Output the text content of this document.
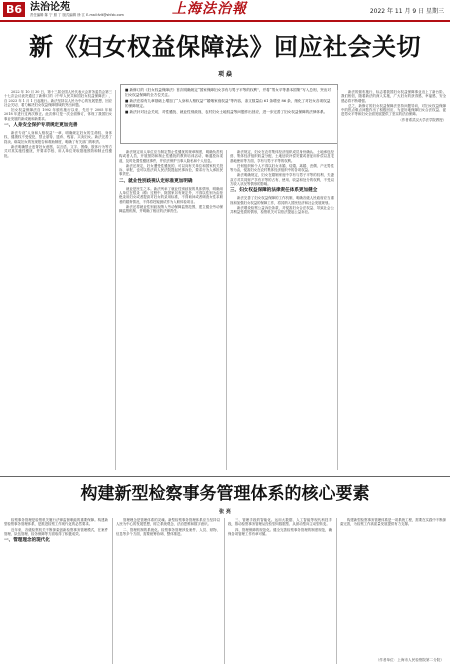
B6 法治论苑
责任编辑 陈 宁 照 丁 版式编辑 徐 江 E-mail:fzlt@shfzb.com	上海法治報	2022 年 11 月 9 日 星期三
新《妇女权益保障法》回应社会关切
项 焱
■ 新修订的《妇女权益保障法》首次明确规定“国家保障妇女享有与男子平等的权利”，并将“男女平等基本国策”写入总则，突出对妇女权益保障的全方位关注。
■ 新法在原有九章基础上增加了“人身和人格权益”“婚姻家庭权益”等内容，条文数量由 61 条增至 86 条，细化了对妇女各项权益的保障规定。
■ 新法针对社会关切，对性骚扰、就业性别歧视、农村妇女土地权益等问题作出回应，进一步完善了妇女权益保障的法律体系。

2022 年 10 月 30 日，第十三届全国人民代表大会常务委员会第三十七次会议表决通过了新修订的《中华人民共和国妇女权益保障法》，自 2023 年 1 月 1 日起施行。新法坚持以人民为中心的发展思想，回应社会关切，着力解决妇女权益保障领域的突出问题。

妇女权益保障法自 1992 年颁布施行以来，先后于 2005 年和 2018 年进行过两次修正。此次修订是一次全面修订，体现了我国妇女事业发展的新成就和新要求。

一、人身安全保护专项规定更加完善

新法专设“人身和人格权益”一章，明确规定妇女的生命权、身体权、健康权不受侵犯，禁止虐待、遗弃、残害、买卖妇女。新法完善了拐卖、绑架妇女的发现报告和救助制度，明确了有关部门的职责。

新法明确禁止违背妇女意愿，以言语、文字、图像、肢体行为等方式对其实施性骚扰，并要求学校、用人单位采取措施预防和制止性骚扰。

新法规定用人单位应当制定禁止性骚扰的规章制度，明确负责机构或者人员，开展预防和制止性骚扰的教育培训活动，畅通投诉渠道，及时处置性骚扰事件，并依法保护当事人隐私和个人信息。

新法还规定，妇女遭受性骚扰的，可以向有关单位和国家机关投诉、举报，也可以依法向人民法院提起民事诉讼，要求行为人承担民事责任。

二、就业性别歧视认定标准更加明确

就业是民生之本。新法列举了就业性别歧视的具体情形，明确用人单位在招录（聘）过程中，除国家另有规定外，不得以性别为由拒绝录用妇女或者提高对妇女的录用标准，不得询问或者调查女性求职者的婚育情况，不得将妊娠测试作为入职体检项目。

新法还将就业性别歧视纳入劳动保障监察范围，建立健全劳动保障监察机制，并明确了相应的法律责任。

新法规定，妇女在农村集体经济组织成员身份确认、土地承包经营、集体经济组织收益分配、土地征收补偿安置或者征用补偿以及宅基地使用等方面，享有与男子平等的权利。

任何组织和个人不得以妇女未婚、结婚、离婚、丧偶、户无男性等为由，侵害妇女在农村集体经济组织中的各项权益。

新法明确规定，妇女在婚姻家庭中享有与男子平等的权利，夫妻双方对共同财产享有平等的占有、使用、收益和处分的权利，不受双方收入状况等情形的影响。

三、妇女权益保障的法律责任体系更加健全

新法完善了妇女权益保障的工作机制，明确各级人民政府应当重视和加强妇女权益的保障工作，将其纳入国民经济和社会发展规划。

新法增设检察公益诉讼条款，对侵害妇女合法权益、导致社会公共利益受损的情形，检察机关可以依法提起公益诉讼。

新法的颁布施行，标志着我国妇女权益保障事业迈上了新台阶。我们相信，随着新法的深入实施，广大妇女的获得感、幸福感、安全感必将不断增强。

总之，新修订的妇女权益保障法坚持问题导向，对妇女权益保障中的热点难点问题作出了积极回应，为更好地保障妇女合法权益、促进男女平等和妇女全面发展提供了坚实的法治保障。

（作者系武汉大学法学院教授）

构建新型检察事务管理体系的核心要素
张 亮

检察事务管理是检察机关履行法律监督职能的重要保障。构建新型检察事务管理体系，是推进检察工作现代化的必然要求。

近年来，各级检察机关不断探索创新检察事务管理模式，在案件管理、队伍管理、检务保障等方面取得了积极成效。

一、管理理念的现代化

管理理念是管理体系的灵魂。新型检察事务管理体系应当坚持以人民为中心的发展思想，树立系统观念、法治思维和数字意识。

二、管理机制的系统化。检察事务管理涉及案件、人员、财物、信息等多个方面，需要统筹协调、整体推进。

三、管理手段的智能化。运用大数据、人工智能等现代科技手段，推动检察事务管理从经验型向数据型、从被动型向主动型转变。

四、管理保障的规范化。健全完善检察事务管理的制度规范，确保各项管理工作有章可循。

构建新型检察事务管理体系是一项系统工程，需要在实践中不断探索完善，为检察工作高质量发展提供有力支撑。

（作者单位：上海市人民检察院第二分院）
